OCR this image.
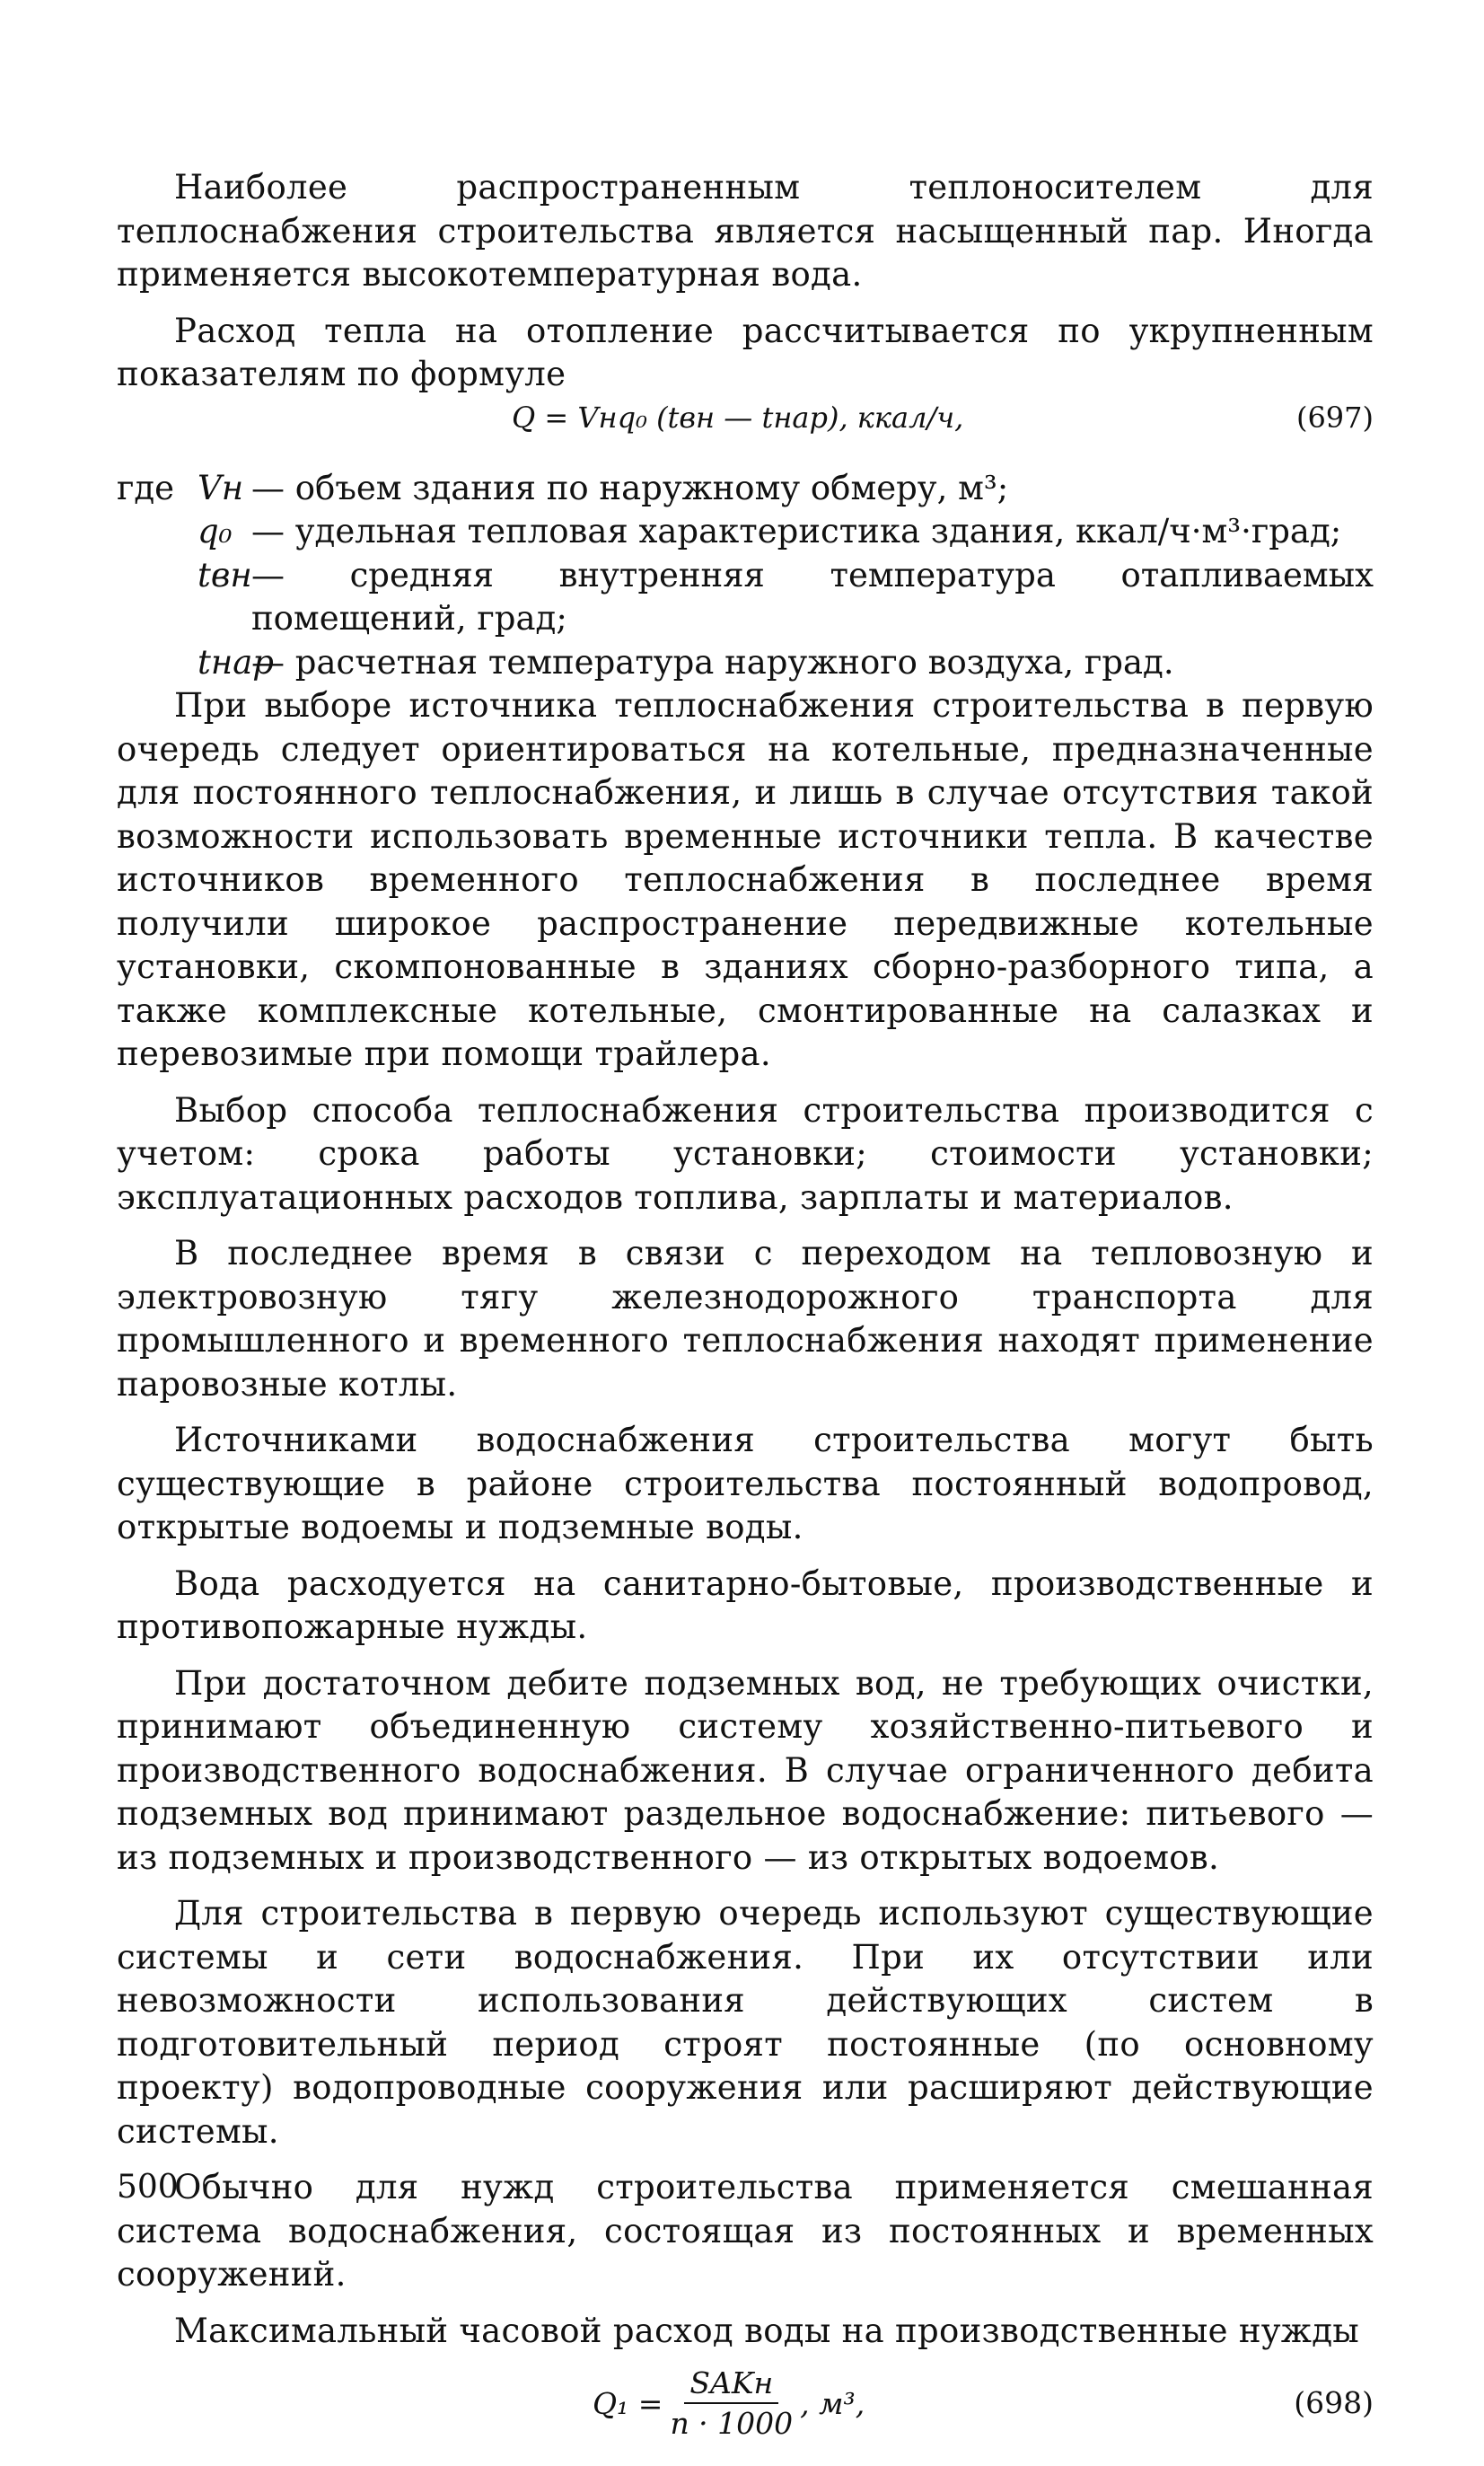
Наиболее распространенным теплоносителем для теплоснабжения строительства является насыщенный пар. Иногда применяется высокотемпературная вода.

Расход тепла на отопление рассчитывается по укрупненным показателям по формуле

Q = Vнq₀ (tвн — tнар), ккал/ч,	(697)
где Vн — объем здания по наружному обмеру, м³;
q₀ — удельная тепловая характеристика здания, ккал/ч·м³·град;
tвн — средняя внутренняя температура отапливаемых помещений, град;
tнар
— расчетная температура наружного воздуха, град.

При выборе источника теплоснабжения строительства в первую очередь следует ориентироваться на котельные, предназначенные для постоянного теплоснабжения, и лишь в случае отсутствия такой возможности использовать временные источники тепла. В качестве источников временного теплоснабжения в последнее время получили широкое распространение передвижные котельные установки, скомпонованные в зданиях сборно-разборного типа, а также комплексные котельные, смонтированные на салазках и перевозимые при помощи трайлера.

Выбор способа теплоснабжения строительства производится с учетом: срока работы установки; стоимости установки; эксплуатационных расходов топлива, зарплаты и материалов.

В последнее время в связи с переходом на тепловозную и электровозную тягу железнодорожного транспорта для промышленного и временного теплоснабжения находят применение паровозные котлы.

Источниками водоснабжения строительства могут быть существующие в районе строительства постоянный водопровод, открытые водоемы и подземные воды.

Вода расходуется на санитарно-бытовые, производственные и противопожарные нужды.

При достаточном дебите подземных вод, не требующих очистки, принимают объединенную систему хозяйственно-питьевого и производственного водоснабжения. В случае ограниченного дебита подземных вод принимают раздельное водоснабжение: питьевого — из подземных и производственного — из открытых водоемов.

Для строительства в первую очередь используют существующие системы и сети водоснабжения. При их отсутствии или невозможности использования действующих систем в подготовительный период строят постоянные (по основному проекту) водопроводные сооружения или расширяют действующие системы.

Обычно для нужд строительства применяется смешанная система водоснабжения, состоящая из постоянных и временных сооружений.

Максимальный часовой расход воды на производственные нужды

$Q_1 = \frac{\text{SAKн}}{n \cdot 1000}$ , м³,	(698)
500
